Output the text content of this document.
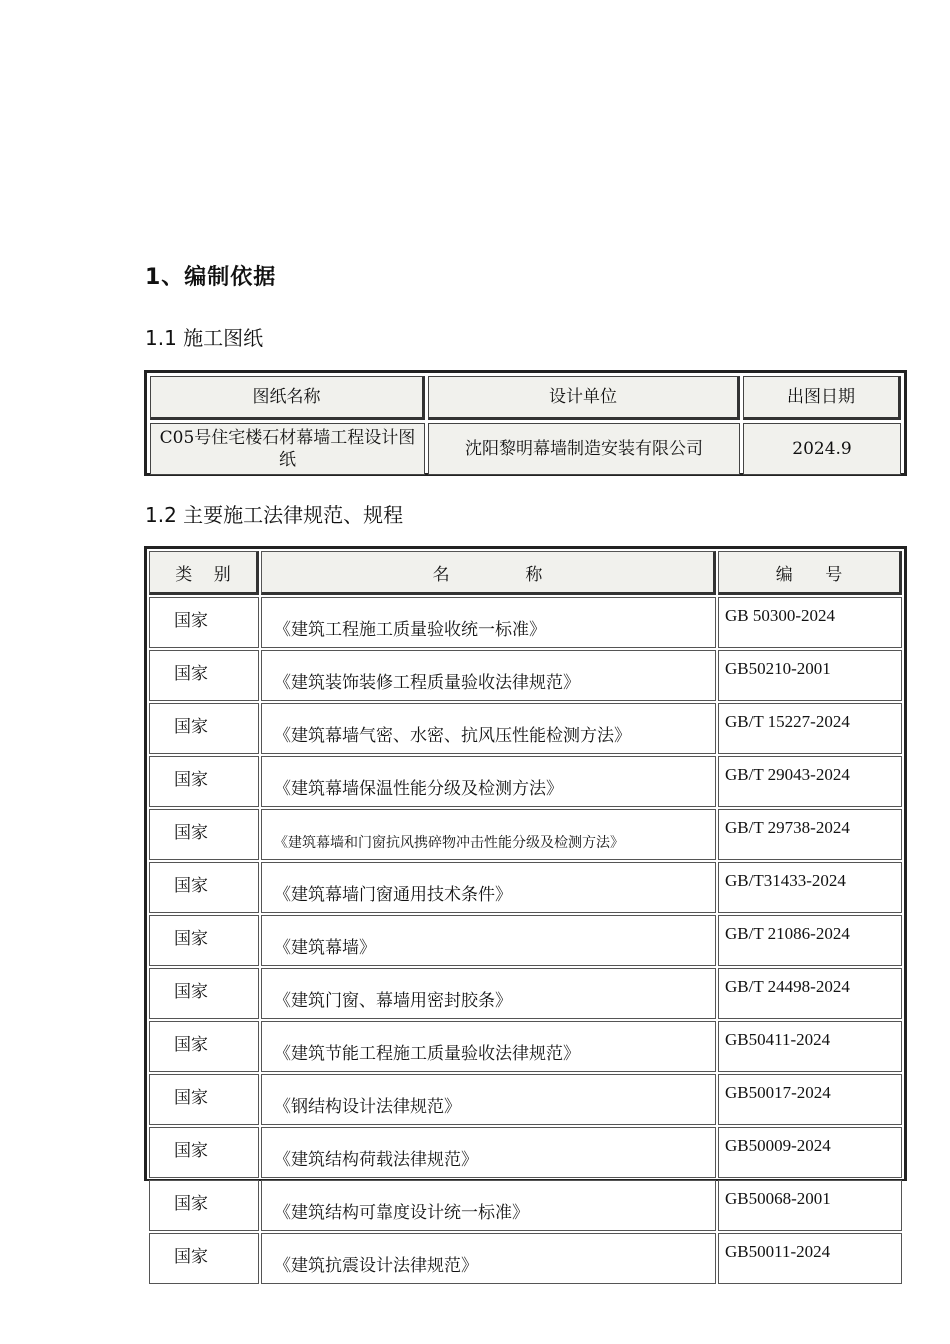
1、编制依据
1.1 施工图纸
图纸名称	设计单位	出图日期
C05号住宅楼石材幕墙工程设计图纸	沈阳黎明幕墙制造安装有限公司	2024.9
1.2 主要施工法律规范、规程
类    别	名              称	编      号
国家	《建筑工程施工质量验收统一标准》	GB 50300-2024
国家	《建筑装饰装修工程质量验收法律规范》	GB50210-2001
国家	《建筑幕墙气密、水密、抗风压性能检测方法》	GB/T 15227-2024
国家	《建筑幕墙保温性能分级及检测方法》	GB/T 29043-2024
国家	《建筑幕墙和门窗抗风携碎物冲击性能分级及检测方法》	GB/T 29738-2024
国家	《建筑幕墙门窗通用技术条件》	GB/T31433-2024
国家	《建筑幕墙》	GB/T 21086-2024
国家	《建筑门窗、幕墙用密封胶条》	GB/T 24498-2024
国家	《建筑节能工程施工质量验收法律规范》	GB50411-2024
国家	《钢结构设计法律规范》	GB50017-2024
国家	《建筑结构荷载法律规范》	GB50009-2024
国家	《建筑结构可靠度设计统一标准》	GB50068-2001
国家	《建筑抗震设计法律规范》	GB50011-2024
